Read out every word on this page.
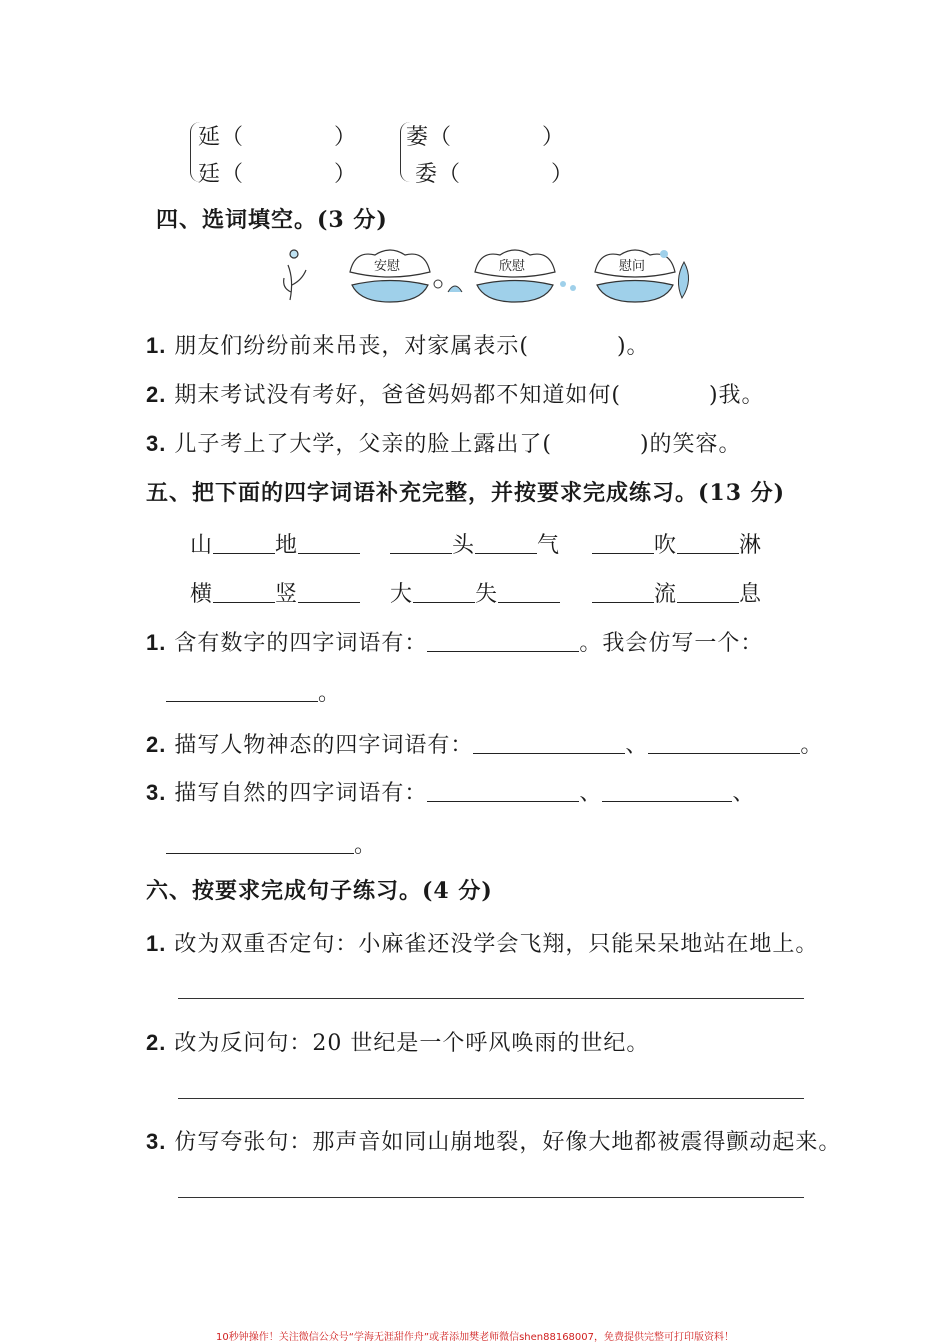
延（	）
廷（	）
萎（	）
委（	）
四、选词填空。(3 分)
安慰	欣慰	慰问
1. 朋友们纷纷前来吊丧，对家属表示(	)。
2. 期末考试没有考好，爸爸妈妈都不知道如何(	)我。
3. 儿子考上了大学，父亲的脸上露出了(	)的笑容。
五、把下面的四字词语补充完整，并按要求完成练习。(13 分)
山	地	头	气	吹	淋
横	竖	大	失	流	息
1. 含有数字的四字词语有：	。我会仿写一个：
。
2. 描写人物神态的四字词语有：	、	。
3. 描写自然的四字词语有：	、	、
。
六、按要求完成句子练习。(4 分)
1. 改为双重否定句：小麻雀还没学会飞翔，只能呆呆地站在地上。
2. 改为反问句：20 世纪是一个呼风唤雨的世纪。
3. 仿写夸张句：那声音如同山崩地裂，好像大地都被震得颤动起来。
10秒钟操作！关注微信公众号“学海无涯甜作舟”或者添加樊老师微信shen88168007，免费提供完整可打印版资料！
